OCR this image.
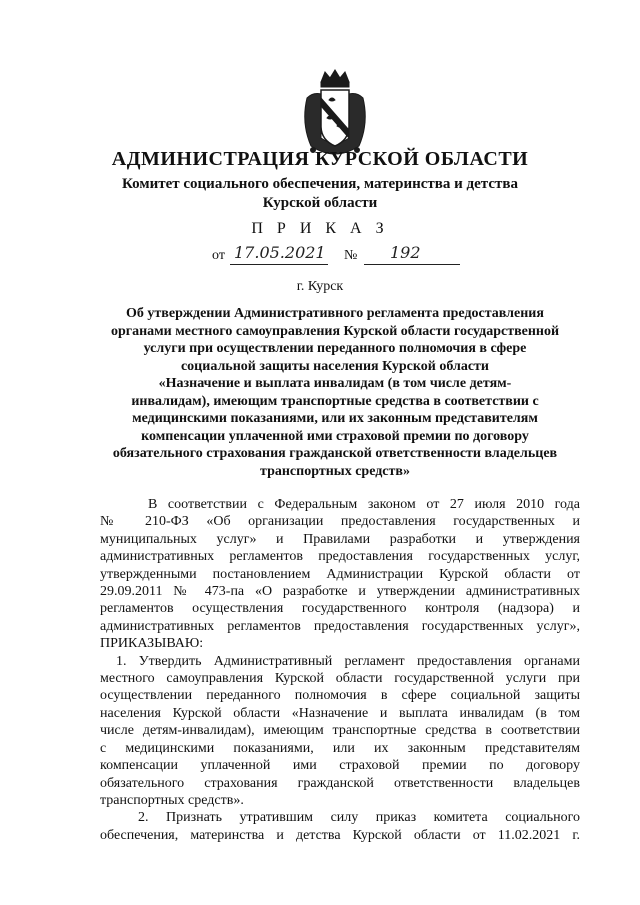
АДМИНИСТРАЦИЯ КУРСКОЙ ОБЛАСТИ
Комитет социального обеспечения, материнства и детства
Курской области
П Р И К А З
от 17.05.2021 № 192
г. Курск
Об утверждении Административного регламента предоставления
органами местного самоуправления Курской области государственной
услуги при осуществлении переданного полномочия в сфере
социальной защиты населения Курской области
«Назначение и выплата инвалидам (в том числе детям-
инвалидам), имеющим транспортные средства в соответствии с
медицинскими показаниями, или их законным представителям
компенсации уплаченной ими страховой премии по договору
обязательного страхования гражданской ответственности владельцев
транспортных средств»
В соответствии с Федеральным законом от 27 июля 2010 года
№ 210-ФЗ «Об организации предоставления государственных и
муниципальных услуг» и Правилами разработки и утверждения
административных регламентов предоставления государственных услуг,
утвержденными постановлением Администрации Курской области от
29.09.2011 № 473-па «О разработке и утверждении административных
регламентов осуществления государственного контроля (надзора) и
административных регламентов предоставления государственных услуг»,
ПРИКАЗЫВАЮ:
1. Утвердить Административный регламент предоставления органами
местного самоуправления Курской области государственной услуги при
осуществлении переданного полномочия в сфере социальной защиты
населения Курской области «Назначение и выплата инвалидам (в том
числе детям-инвалидам), имеющим транспортные средства в соответствии
с медицинскими показаниями, или их законным представителям
компенсации уплаченной ими страховой премии по договору
обязательного страхования гражданской ответственности владельцев
транспортных средств».
2. Признать утратившим силу приказ комитета социального
обеспечения, материнства и детства Курской области от 11.02.2021 г.
